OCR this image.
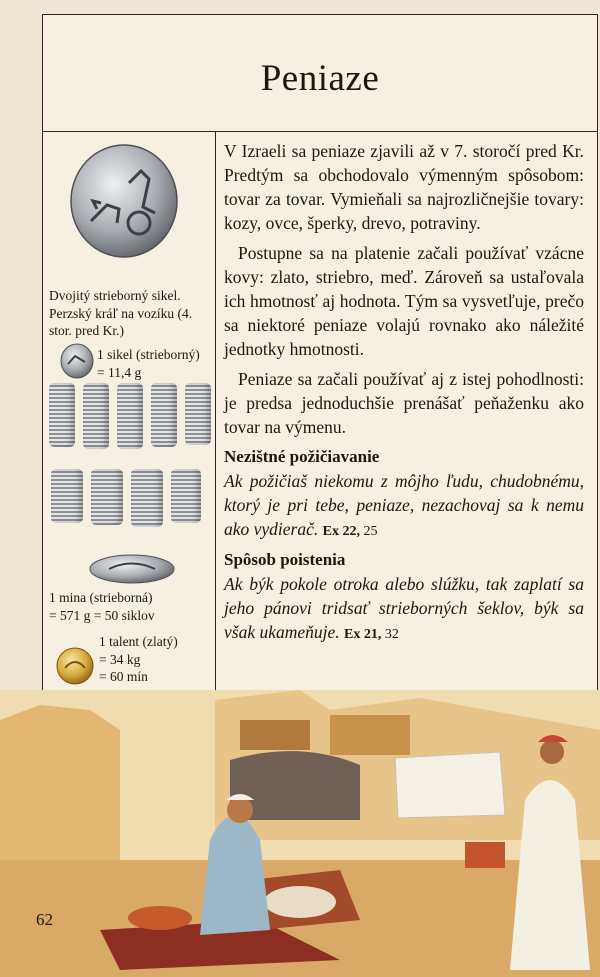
Peniaze
Dvojitý strieborný sikel. Perzský kráľ na vozíku (4. stor. pred Kr.)
1 sikel (strieborný)
= 11,4 g
1 mina (strieborná)
= 571 g = 50 siklov
1 talent (zlatý)
= 34 kg
= 60 mín

V Izraeli sa peniaze zjavili až v 7. storočí pred Kr. Predtým sa obchodovalo výmenným spôsobom: tovar za tovar. Vymieňali sa najrozličnejšie tovary: kozy, ovce, šperky, drevo, potraviny.

Postupne sa na platenie začali používať vzácne kovy: zlato, striebro, meď. Zároveň sa ustaľovala ich hmotnosť aj hodnota. Tým sa vysvetľuje, prečo sa niektoré peniaze volajú rovnako ako náležité jednotky hmotnosti.

Peniaze sa začali používať aj z istej pohodlnosti: je predsa jednoduchšie prenášať peňaženku ako tovar na výmenu.

Nezištné požičiavanie
Ak požičiaš niekomu z môjho ľudu, chudobnému, ktorý je pri tebe, peniaze, nezachovaj sa k nemu ako vydierač. Ex 22, 25
Spôsob poistenia
Ak býk pokole otroka alebo slúžku, tak zaplatí sa jeho pánovi tridsať strieborných šeklov, býk sa však ukameňuje. Ex 21, 32
62
